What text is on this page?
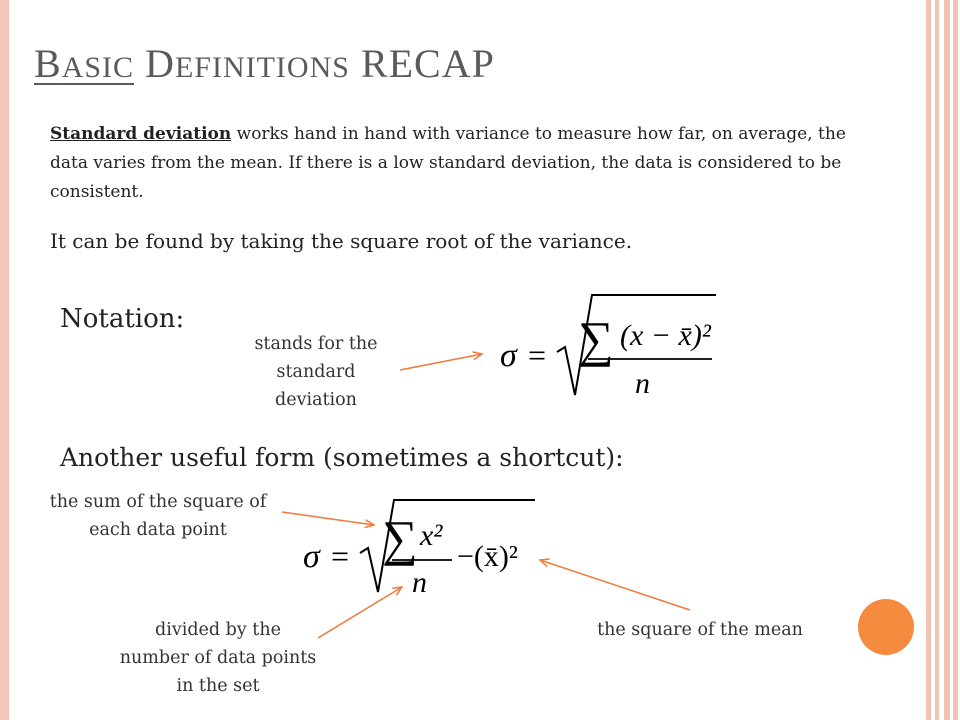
BASIC DEFINITIONS RECAP

Standard deviation works hand in hand with variance to measure how far, on average, the data varies from the mean. If there is a low standard deviation, the data is considered to be consistent.

It can be found by taking the square root of the variance.

Notation:

stands for the standard deviation

Another useful form (sometimes a shortcut):

the sum of the square of each data point

divided by the number of data points in the set

the square of the mean

σ = ∑ (x − x̄)²
n
σ = ∑ x²
n
−(x̄)²
